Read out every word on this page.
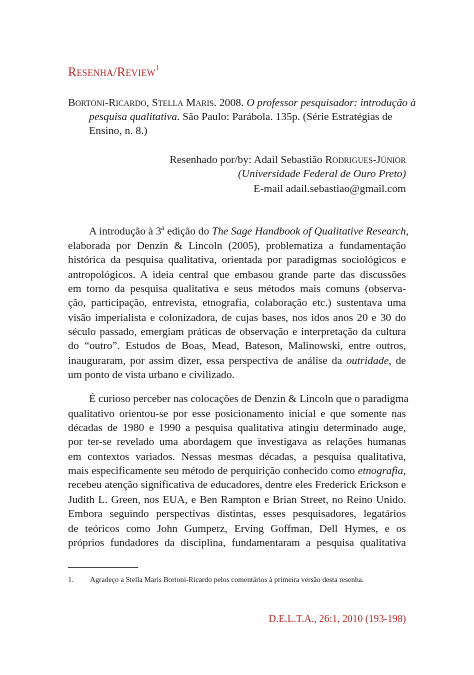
Resenha/Review$^1$
Bortoni-Ricardo, Stella Maris. 2008. O professor pesquisador: introdução à
pesquisa qualitativa. São Paulo: Parábola. 135p. (Série Estratégias de
Ensino, n. 8.)
Resenhado por/by: Adail Sebastião Rodrigues-Júnior
(Universidade Federal de Ouro Preto)
E-mail adail.sebastiao@gmail.com

A introdução à 3$^a$ edição do The Sage Handbook of Qualitative Research,
elaborada por Denzin & Lincoln (2005), problematiza a fundamentação
histórica da pesquisa qualitativa, orientada por paradigmas sociológicos e
antropológicos. A ideia central que embasou grande parte das discussões
em torno da pesquisa qualitativa e seus métodos mais comuns (observa-
ção, participação, entrevista, etnografia, colaboração etc.) sustentava uma
visão imperialista e colonizadora, de cujas bases, nos idos anos 20 e 30 do
século passado, emergiam práticas de observação e interpretação da cultura
do “outro”. Estudos de Boas, Mead, Bateson, Malinowski, entre outros,
inauguraram, por assim dizer, essa perspectiva de análise da outridade, de
um ponto de vista urbano e civilizado.

É curioso perceber nas colocações de Denzin & Lincoln que o paradigma
qualitativo orientou-se por esse posicionamento inicial e que somente nas
décadas de 1980 e 1990 a pesquisa qualitativa atingiu determinado auge,
por ter-se revelado uma abordagem que investigava as relações humanas
em contextos variados. Nessas mesmas décadas, a pesquisa qualitativa,
mais especificamente seu método de perquirição conhecido como etnografia,
recebeu atenção significativa de educadores, dentre eles Frederick Erickson e
Judith L. Green, nos EUA, e Ben Rampton e Brian Street, no Reino Unido.
Embora seguindo perspectivas distintas, esses pesquisadores, legatários
de teóricos como John Gumperz, Erving Goffman, Dell Hymes, e os
próprios fundadores da disciplina, fundamentaram a pesquisa qualitativa

1. Agradeço a Stella Maris Bortoni-Ricardo pelos comentários à primeira versão desta resenha.
D.E.L.T.A., 26:1, 2010 (193-198)
